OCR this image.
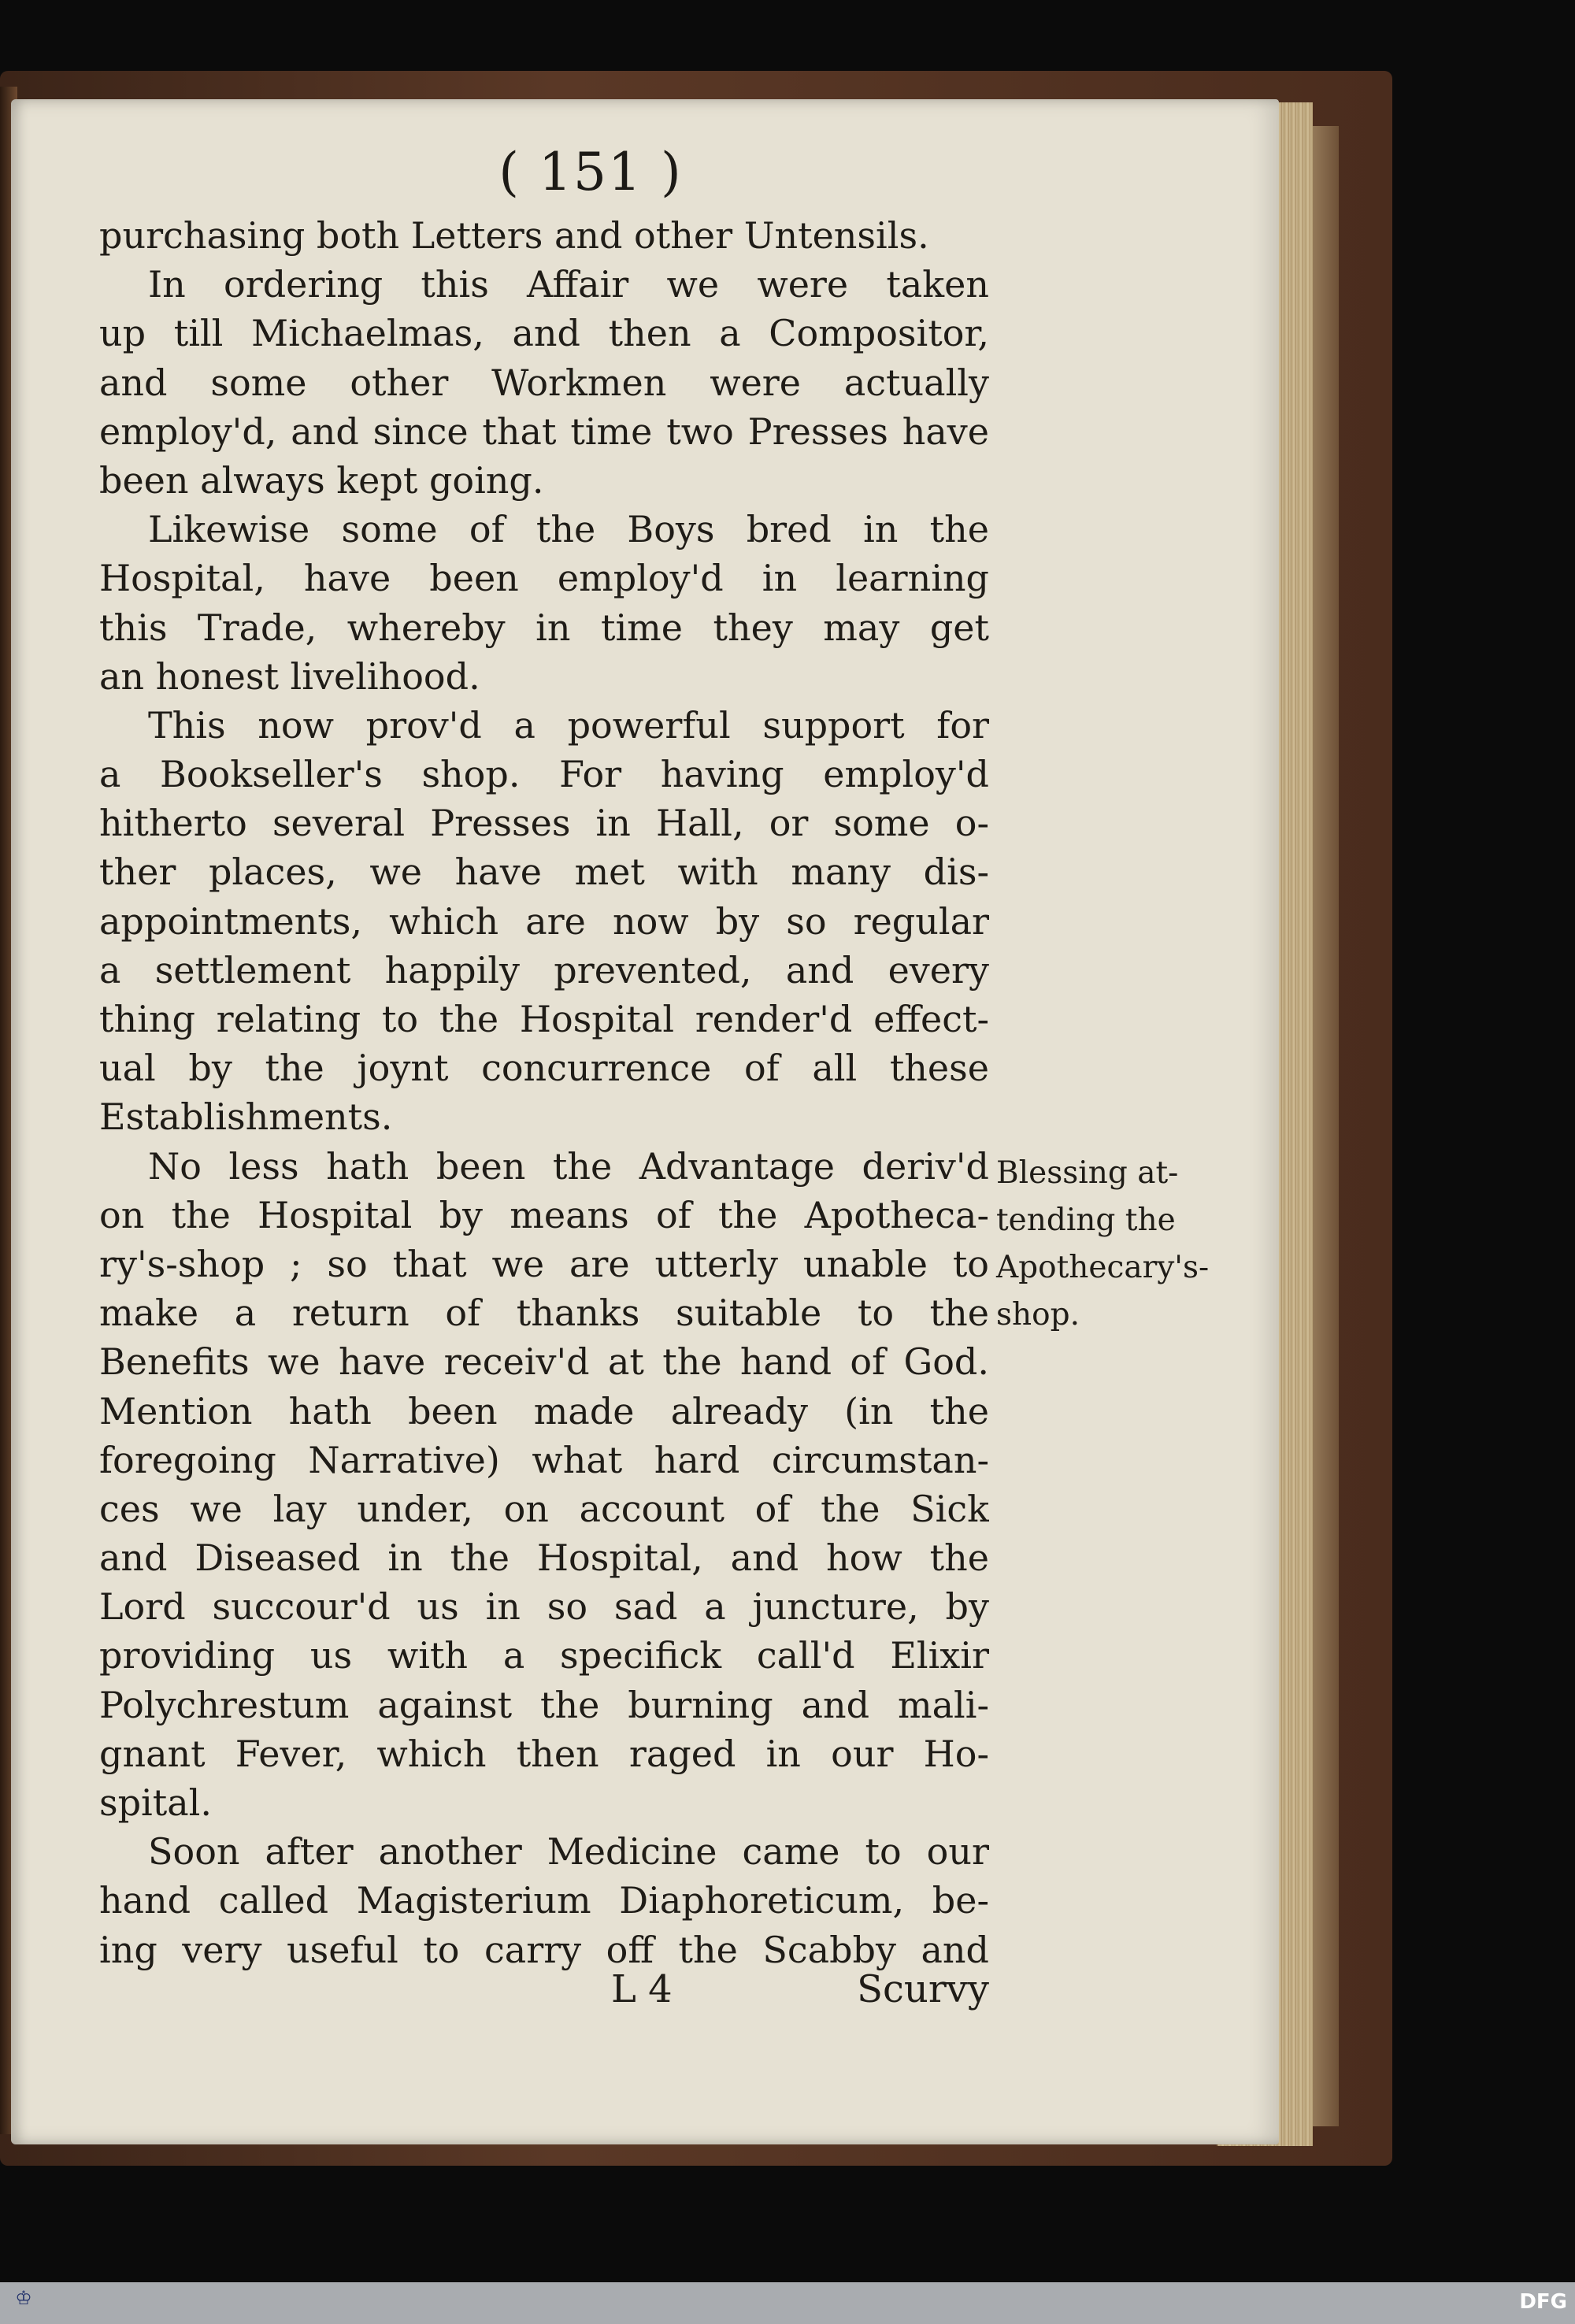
( 151 )
purchasing both Letters and other Untensils.
In ordering this Affair we were taken
up till Michaelmas, and then a Compositor,
and some other Workmen were actually
employ'd, and since that time two Presses have
been always kept going.
Likewise some of the Boys bred in the
Hospital, have been employ'd in learning
this Trade, whereby in time they may get
an honest livelihood.
This now prov'd a powerful support for
a Bookseller's shop. For having employ'd
hitherto several Presses in Hall, or some o-
ther places, we have met with many dis-
appointments, which are now by so regular
a settlement happily prevented, and every
thing relating to the Hospital render'd effect-
ual by the joynt concurrence of all these
Establishments.
No less hath been the Advantage deriv'd
on the Hospital by means of the Apotheca-
ry's-shop ; so that we are utterly unable to
make a return of thanks suitable to the
Benefits we have receiv'd at the hand of God.
Mention hath been made already (in the
foregoing Narrative) what hard circumstan-
ces we lay under, on account of the Sick
and Diseased in the Hospital, and how the
Lord succour'd us in so sad a juncture, by
providing us with a specifick call'd Elixir
Polychrestum against the burning and mali-
gnant Fever, which then raged in our Ho-
spital.
Soon after another Medicine came to our
hand called Magisterium Diaphoreticum, be-
ing very useful to carry off the Scabby and
Blessing at-
tending the
Apothecary's-
shop.
L 4	Scurvy
♔	DFG
